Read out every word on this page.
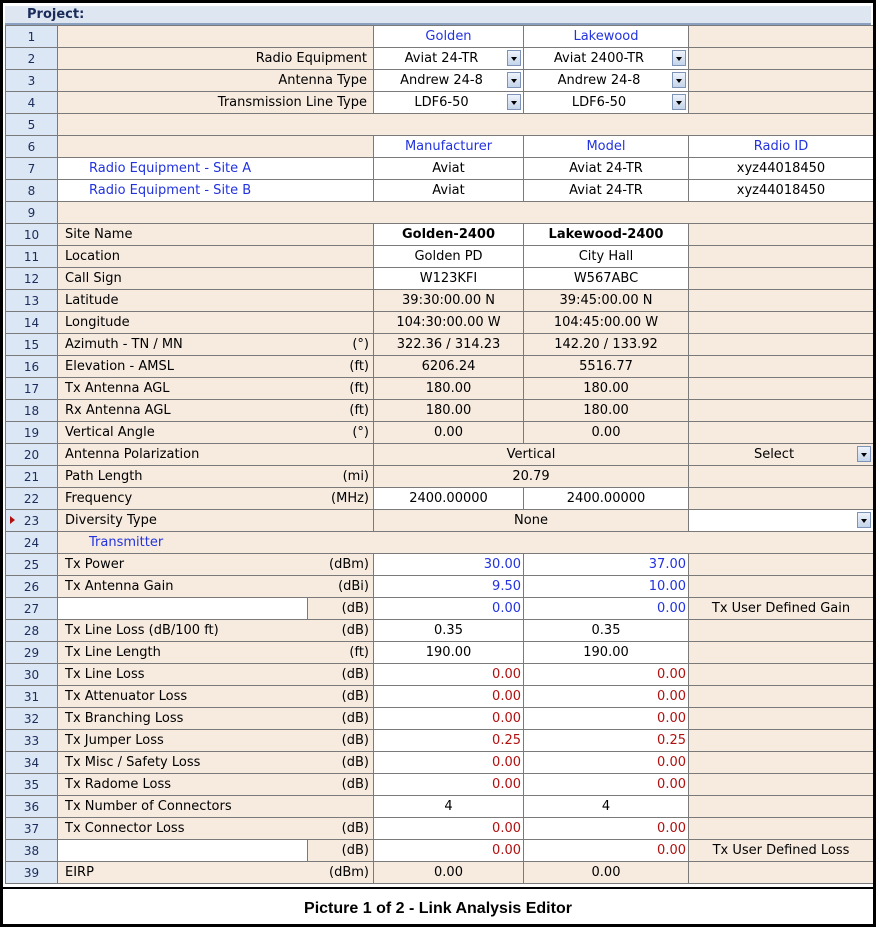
Project:
1			Golden	Lakewood	

2	Radio Equipment		Aviat 24-TR	Aviat 2400-TR	

3	Antenna Type		Andrew 24-8	Andrew 24-8	

4	Transmission Line Type		LDF6-50	LDF6-50	

5					
6			Manufacturer	Model	Radio ID

7	Radio Equipment - Site A		Aviat	Aviat 24-TR	xyz44018450

8	Radio Equipment - Site B		Aviat	Aviat 24-TR	xyz44018450

9					
10	Site Name		Golden-2400	Lakewood-2400	

11	Location		Golden PD	City Hall	

12	Call Sign		W123KFI	W567ABC	

13	Latitude		39:30:00.00 N	39:45:00.00 N	

14	Longitude		104:30:00.00 W	104:45:00.00 W	

15	Azimuth - TN / MN (°)		322.36 / 314.23	142.20 / 133.92	

16	Elevation - AMSL (ft)		6206.24	5516.77	

17	Tx Antenna AGL (ft)		180.00	180.00	

18	Rx Antenna AGL (ft)		180.00	180.00	

19	Vertical Angle (°)		0.00	0.00	

20	Antenna Polarization		Vertical		Select

21	Path Length (mi)		20.79		

22	Frequency (MHz)		2400.00000	2400.00000	

23	Diversity Type		None		

24	Transmitter				

25	Tx Power (dBm)		30.00	37.00	

26	Tx Antenna Gain (dBi)		9.50	10.00	

27		(dB)	0.00	0.00	Tx User Defined Gain

28	Tx Line Loss (dB/100 ft) (dB)		0.35	0.35	

29	Tx Line Length (ft)		190.00	190.00	

30	Tx Line Loss (dB)		0.00	0.00	

31	Tx Attenuator Loss (dB)		0.00	0.00	

32	Tx Branching Loss (dB)		0.00	0.00	

33	Tx Jumper Loss (dB)		0.25	0.25	

34	Tx Misc / Safety Loss (dB)		0.00	0.00	

35	Tx Radome Loss (dB)		0.00	0.00	

36	Tx Number of Connectors		4	4	

37	Tx Connector Loss (dB)		0.00	0.00	

38		(dB)	0.00	0.00	Tx User Defined Loss

39	EIRP (dBm)		0.00	0.00	

Picture 1 of 2 - Link Analysis Editor
